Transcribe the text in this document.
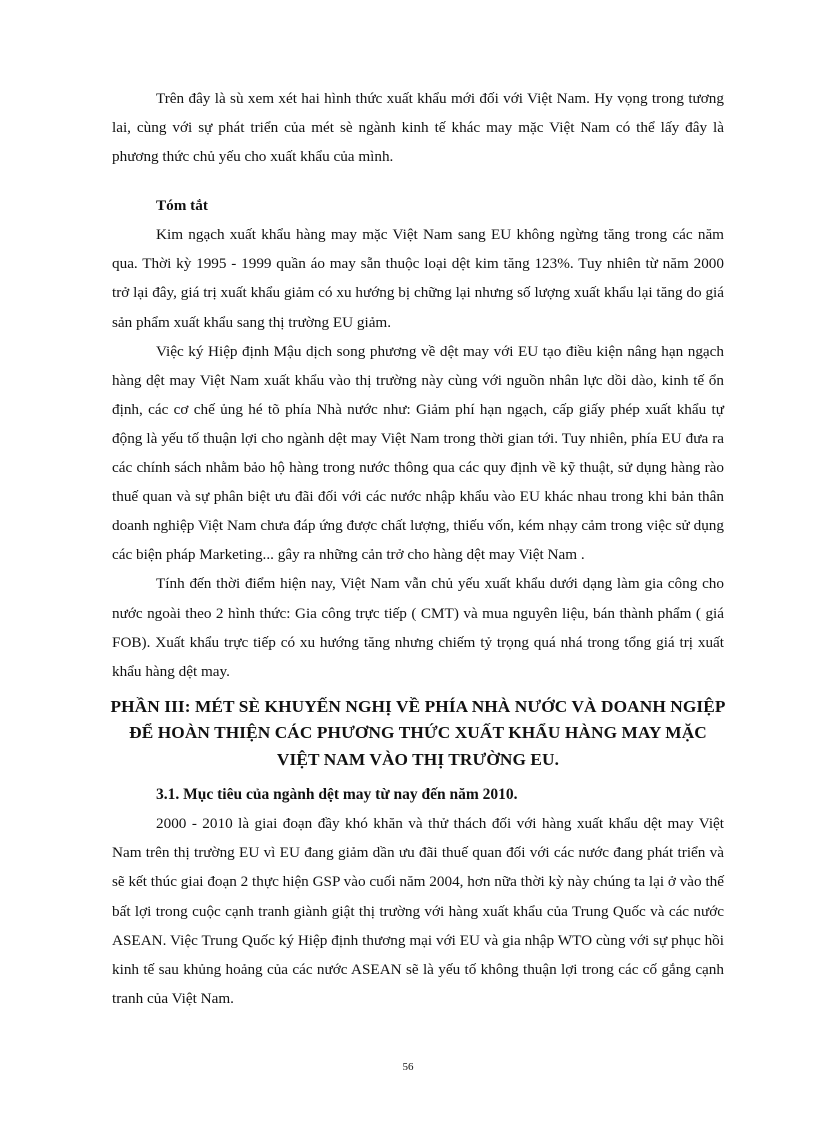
Trên đây là sù xem xét hai hình thức xuất khẩu mới đối với Việt Nam. Hy vọng trong tương lai, cùng với sự phát triển của mét sè ngành kinh tế khác may mặc Việt Nam có thể lấy đây là phương thức chủ yếu cho xuất khẩu của mình.

Tóm tắt

Kim ngạch xuất khẩu hàng may mặc Việt Nam sang EU không ngừng tăng trong các năm qua. Thời kỳ 1995 - 1999 quần áo may sẵn thuộc loại dệt kim tăng 123%. Tuy nhiên từ năm 2000 trở lại đây, giá trị xuất khẩu giảm có xu hướng bị chững lại nhưng số lượng xuất khẩu lại tăng do giá sản phẩm xuất khẩu sang thị trường EU giảm.

Việc ký Hiệp định Mậu dịch song phương về dệt may với EU tạo điều kiện nâng hạn ngạch hàng dệt may Việt Nam xuất khẩu vào thị trường này cùng với nguồn nhân lực dồi dào, kinh tế ổn định, các cơ chế ủng hé tõ phía Nhà nước như: Giảm phí hạn ngạch, cấp giấy phép xuất khẩu tự động là yếu tố thuận lợi cho ngành dệt may Việt Nam trong thời gian tới. Tuy nhiên, phía EU đưa ra các chính sách nhằm bảo hộ hàng trong nước thông qua các quy định về kỹ thuật, sử dụng hàng rào thuế quan và sự phân biệt ưu đãi đối với các nước nhập khẩu vào EU khác nhau trong khi bản thân doanh nghiệp Việt Nam chưa đáp ứng được chất lượng, thiếu vốn, kém nhạy cảm trong việc sử dụng các biện pháp Marketing... gây ra những cản trở cho hàng dệt may Việt Nam .

Tính đến thời điểm hiện nay, Việt Nam vẫn chủ yếu xuất khẩu dưới dạng làm gia công cho nước ngoài theo 2 hình thức: Gia công trực tiếp ( CMT) và mua nguyên liệu, bán thành phẩm ( giá FOB). Xuất khẩu trực tiếp có xu hướng tăng nhưng chiếm tỷ trọng quá nhá trong tổng giá trị xuất khẩu hàng dệt may.

PHẦN III: MÉT SÈ KHUYẾN NGHỊ VỀ PHÍA NHÀ NƯỚC VÀ DOANH NGIỆP ĐỂ HOÀN THIỆN CÁC PHƯƠNG THỨC XUẤT KHẨU HÀNG MAY MẶC VIỆT NAM VÀO THỊ TRƯỜNG EU.
3.1. Mục tiêu của ngành dệt may từ nay đến năm 2010.

2000 - 2010 là giai đoạn đầy khó khăn và thử thách đối với hàng xuất khẩu dệt may Việt Nam trên thị trường EU vì EU đang giảm dần ưu đãi thuế quan đối với các nước đang phát triển và sẽ kết thúc giai đoạn 2 thực hiện GSP vào cuối năm 2004, hơn nữa thời kỳ này chúng ta lại ở vào thế bất lợi trong cuộc cạnh tranh giành giật thị trường với hàng xuất khẩu của Trung Quốc và các nước ASEAN. Việc Trung Quốc ký Hiệp định thương mại với EU và gia nhập WTO cùng với sự phục hồi kinh tế sau khủng hoảng của các nước ASEAN sẽ là yếu tố không thuận lợi trong các cố gắng cạnh tranh của Việt Nam.

56
